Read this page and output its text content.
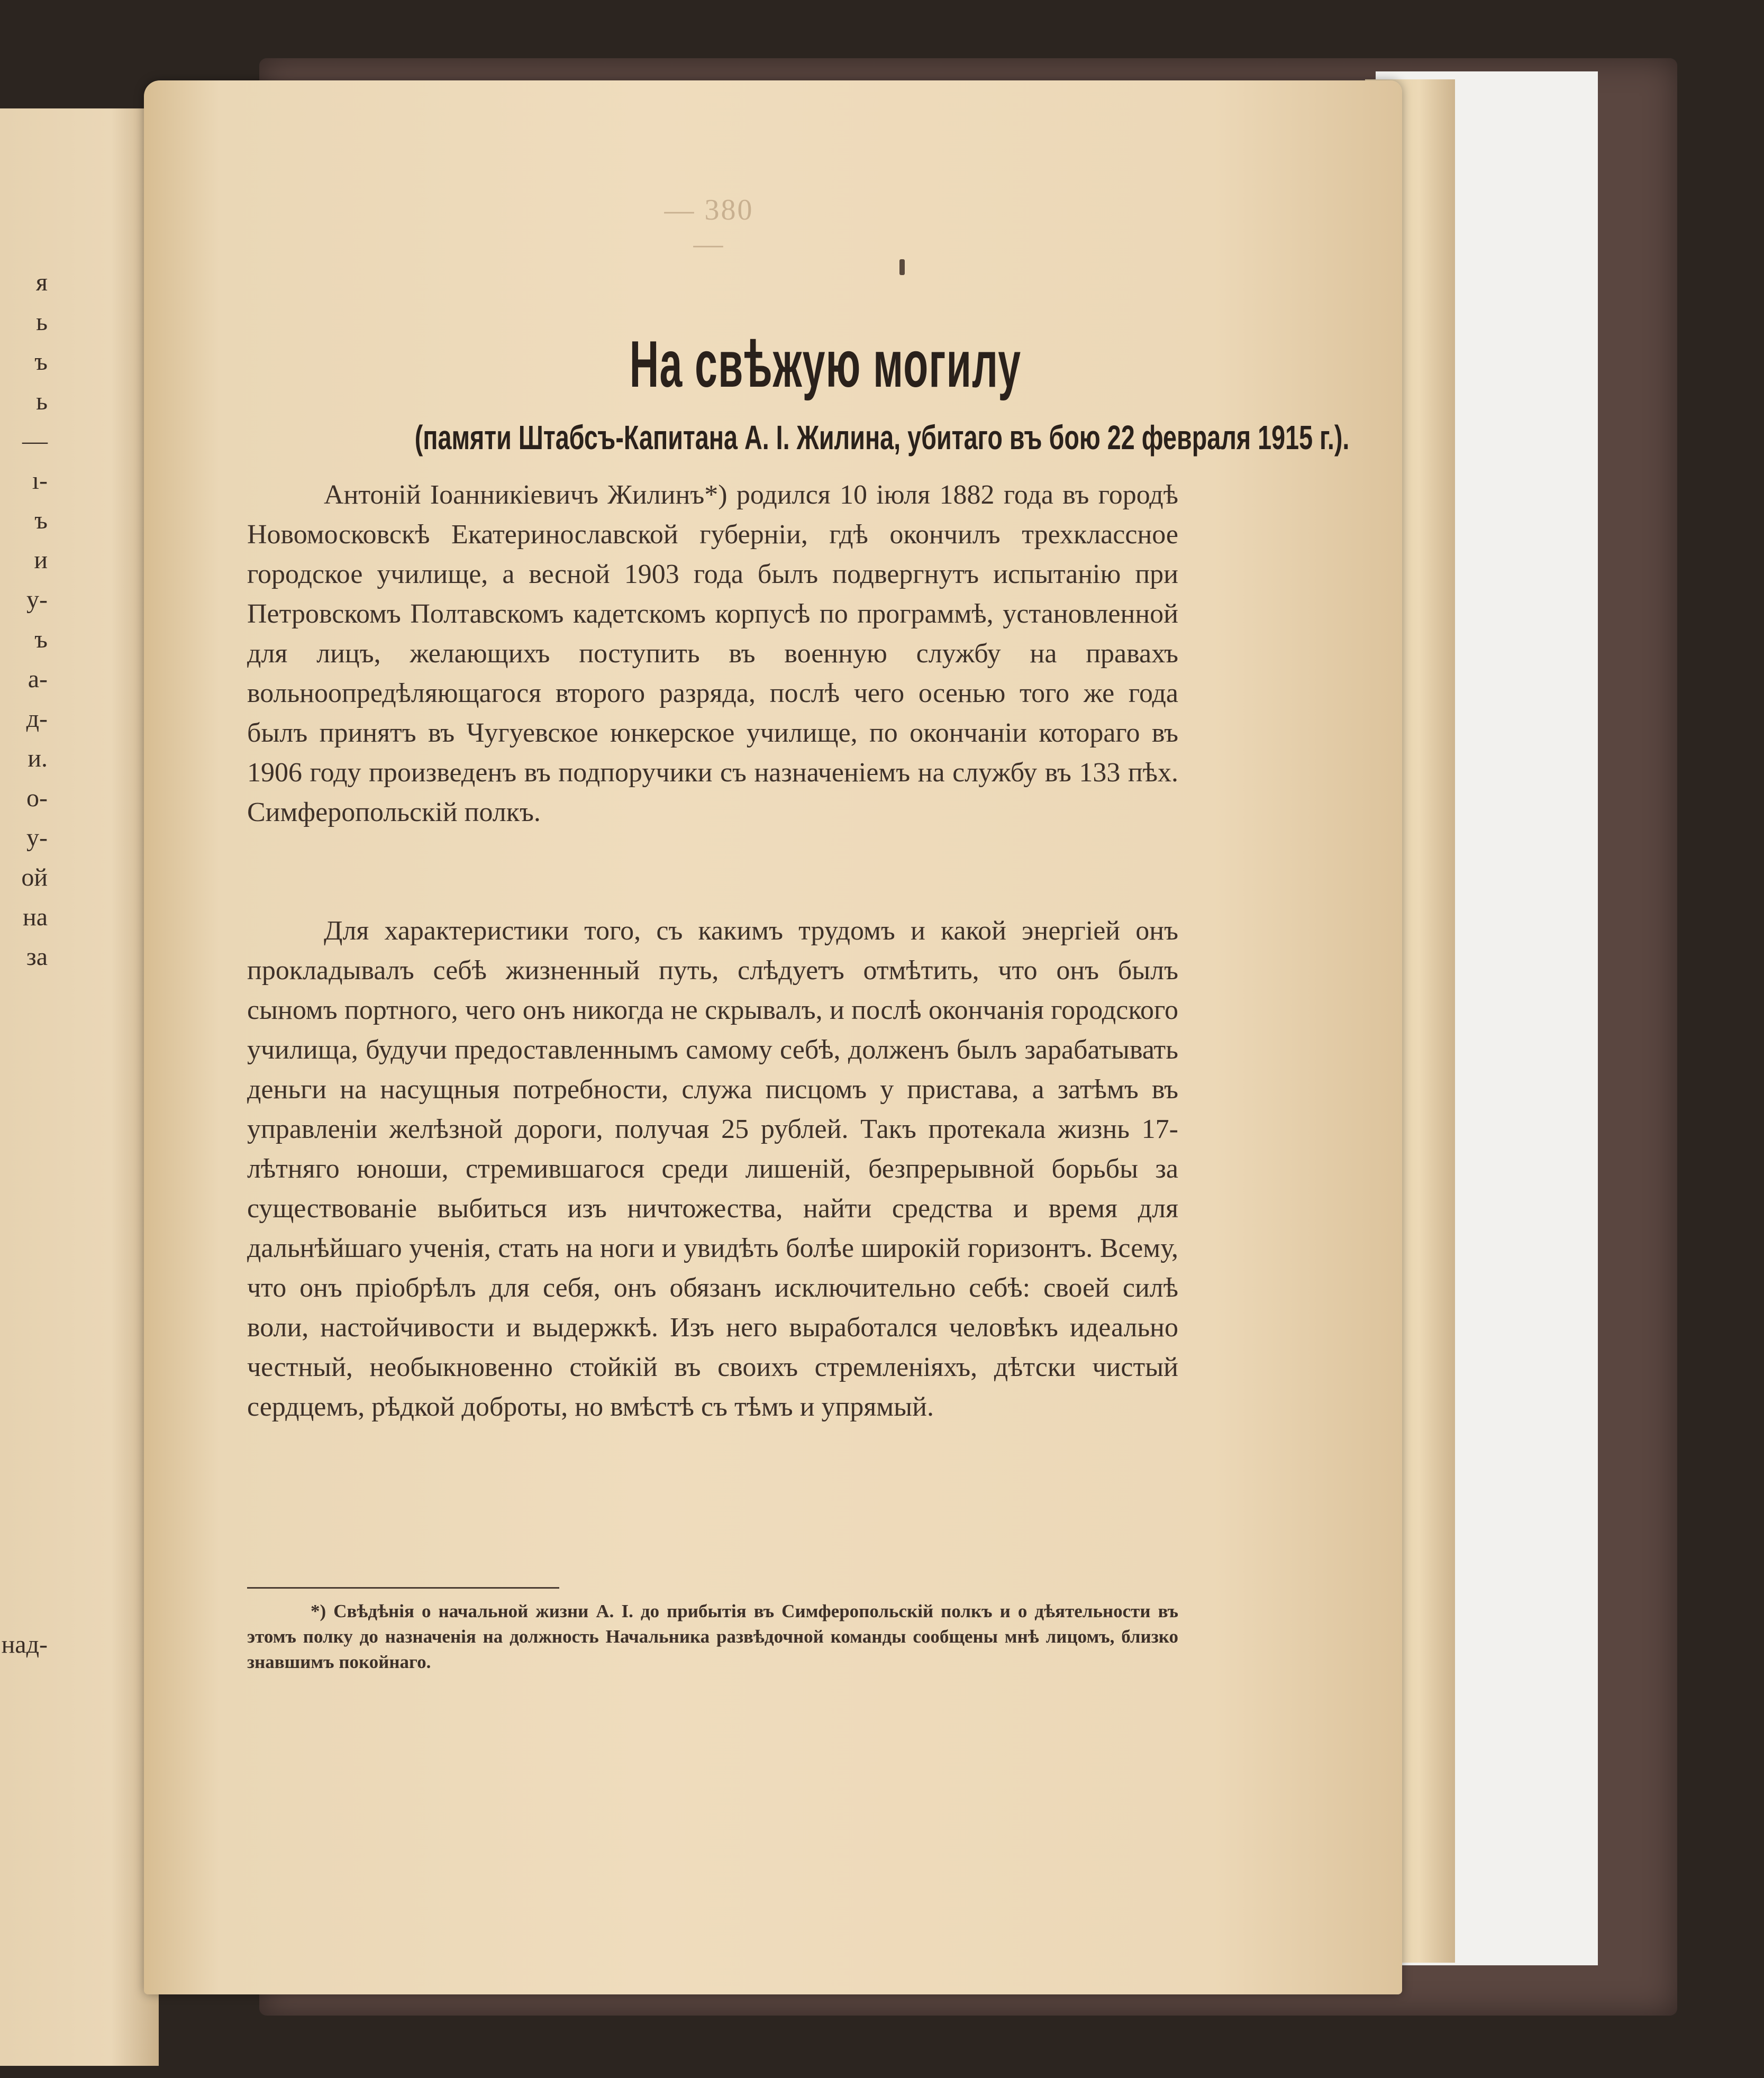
я
ь
ъ
ь
—
ı-
ъ
и
у-
ъ
а-
д-
и.
о-
у-
ой
на
за
над-
— 380 —
На свѣжую могилу
(памяти Штабсъ-Капитана А. I. Жилина, убитаго въ бою 22 февраля 1915 г.).
Антонiй Іоанникiевичъ Жилинъ*) родился 10 iюля 1882 года въ городѣ Новомосковскѣ Екатеринославской губернiи, гдѣ окончилъ трехклассное городское училище, а весной 1903 года былъ подвергнутъ испытанiю при Петровскомъ Полтавскомъ кадетскомъ корпусѣ по программѣ, установленной для лицъ, желающихъ поступить въ военную службу на правахъ вольноопредѣляющагося второго разряда, послѣ чего осенью того же года былъ принятъ въ Чугуевское юнкерское училище, по окончанiи котораго въ 1906 году произведенъ въ подпоручики съ назначенiемъ на службу въ 133 пѣх. Симферопольскiй полкъ.
Для характеристики того, съ какимъ трудомъ и какой энергiей онъ прокладывалъ себѣ жизненный путь, слѣдуетъ отмѣтить, что онъ былъ сыномъ портного, чего онъ никогда не скрывалъ, и послѣ окончанiя городского училища, будучи предоставленнымъ самому себѣ, долженъ былъ зарабатывать деньги на насущныя потребности, служа писцомъ у пристава, а затѣмъ въ управленiи желѣзной дороги, получая 25 рублей. Такъ протекала жизнь 17-лѣтняго юноши, стремившагося среди лишенiй, безпрерывной борьбы за существованiе выбиться изъ ничтожества, найти средства и время для дальнѣйшаго ученiя, стать на ноги и увидѣть болѣе широкiй горизонтъ. Всему, что онъ прiобрѣлъ для себя, онъ обязанъ исключительно себѣ: своей силѣ воли, настойчивости и выдержкѣ. Изъ него выработался человѣкъ идеально честный, необыкновенно стойкiй въ своихъ стремленiяхъ, дѣтски чистый сердцемъ, рѣдкой доброты, но вмѣстѣ съ тѣмъ и упрямый.
*) Свѣдѣнiя о начальной жизни А. I. до прибытiя въ Симферопольскiй полкъ и о дѣятельности въ этомъ полку до назначенiя на должность Начальника развѣдочной команды сообщены мнѣ лицомъ, близко знавшимъ покойнаго.
